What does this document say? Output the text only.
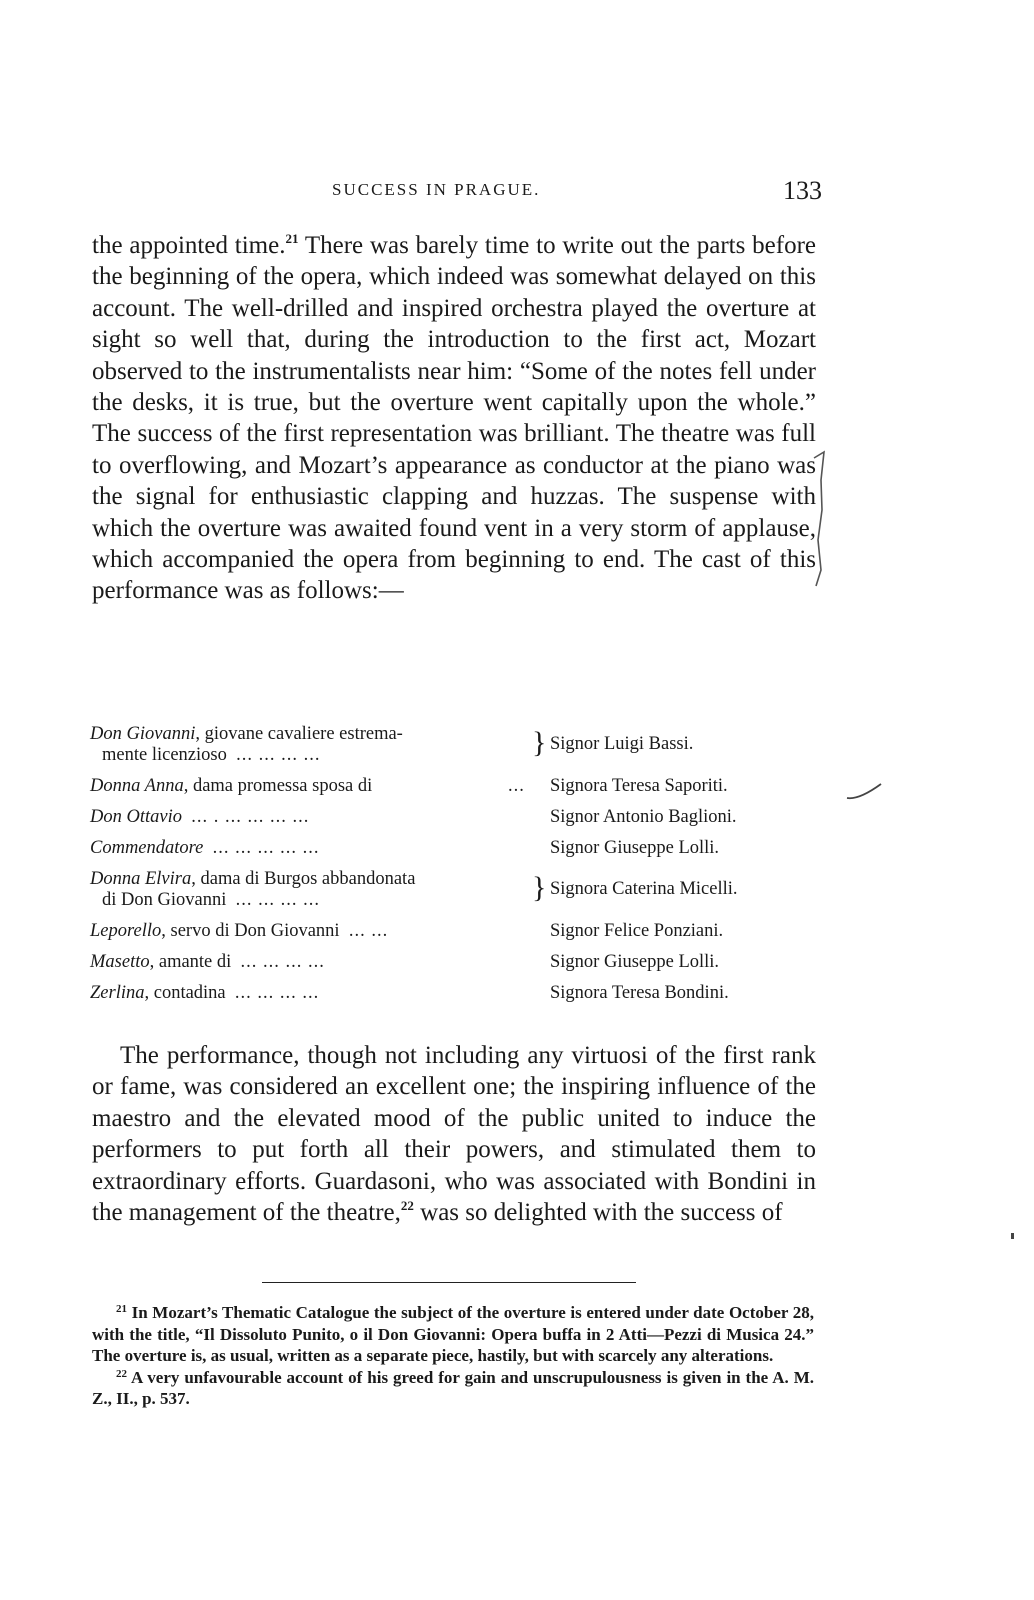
SUCCESS IN PRAGUE.	133
the appointed time.$^{21}$ There was barely time to write out the parts before the beginning of the opera, which indeed was somewhat delayed on this account. The well-drilled and inspired orchestra played the overture at sight so well that, during the introduction to the first act, Mozart observed to the instrumentalists near him: “Some of the notes fell under the desks, it is true, but the overture went capitally upon the whole.” The success of the first representation was brilliant. The theatre was full to overflowing, and Mozart’s appearance as conductor at the piano was the signal for enthusiastic clapping and huzzas. The suspense with which the overture was awaited found vent in a very storm of applause, which accompanied the opera from beginning to end. The cast of this performance was as follows:—
Don Giovanni, giovane cavaliere estrema-
mente licenzioso ... ... ... ...	} Signor Luigi Bassi.
Donna Anna, dama promessa sposa di	... Signora Teresa Saporiti.
Don Ottavio ... . ... ... ... ...	Signor Antonio Baglioni.
Commendatore ... ... ... ... ...	Signor Giuseppe Lolli.
Donna Elvira, dama di Burgos abbandonata
di Don Giovanni ... ... ... ...	} Signora Caterina Micelli.
Leporello, servo di Don Giovanni ... ...	Signor Felice Ponziani.
Masetto, amante di ... ... ... ...	Signor Giuseppe Lolli.
Zerlina, contadina ... ... ... ...	Signora Teresa Bondini.
The performance, though not including any virtuosi of the first rank or fame, was considered an excellent one; the inspiring influence of the maestro and the elevated mood of the public united to induce the performers to put forth all their powers, and stimulated them to extraordinary efforts. Guardasoni, who was associated with Bondini in the management of the theatre,$^{22}$ was so delighted with the success of

$^{21}$ In Mozart’s Thematic Catalogue the subject of the overture is entered under date October 28, with the title, “Il Dissoluto Punito, o il Don Giovanni: Opera buffa in 2 Atti—Pezzi di Musica 24.” The overture is, as usual, written as a separate piece, hastily, but with scarcely any alterations.

$^{22}$ A very unfavourable account of his greed for gain and unscrupulousness is given in the A. M. Z., II., p. 537.
